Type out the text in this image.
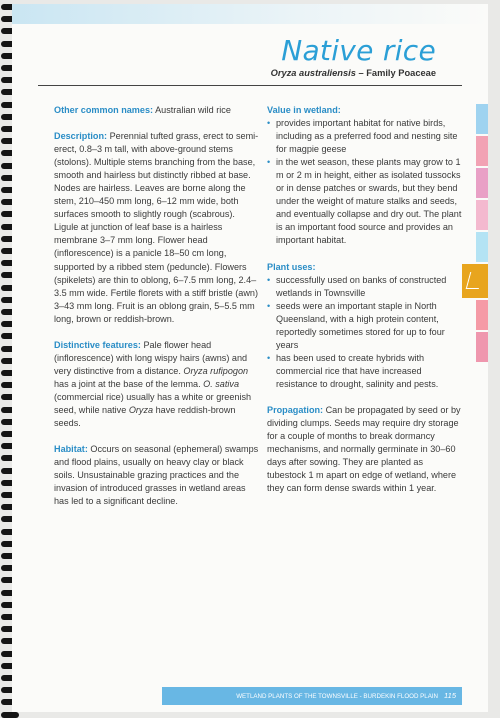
Native rice

Oryza australiensis – Family Poaceae

Other common names: Australian wild rice

Description: Perennial tufted grass, erect to semi-erect, 0.8–3 m tall, with above-ground stems (stolons). Multiple stems branching from the base, smooth and hairless but distinctly ribbed at base. Nodes are hairless. Leaves are borne along the stem, 210–450 mm long, 6–12 mm wide, both surfaces smooth to slightly rough (scabrous). Ligule at junction of leaf base is a hairless membrane 3–7 mm long. Flower head (inflorescence) is a panicle 18–50 cm long, supported by a ribbed stem (peduncle). Flowers (spikelets) are thin to oblong, 6–7.5 mm long, 2.4–3.5 mm wide. Fertile florets with a stiff bristle (awn) 3–43 mm long. Fruit is an oblong grain, 5–5.5 mm long, brown or reddish-brown.

Distinctive features: Pale flower head (inflorescence) with long wispy hairs (awns) and very distinctive from a distance. Oryza rufipogon has a joint at the base of the lemma. O. sativa (commercial rice) usually has a white or greenish seed, while native Oryza have reddish-brown seeds.

Habitat: Occurs on seasonal (ephemeral) swamps and flood plains, usually on heavy clay or black soils. Unsustainable grazing practices and the invasion of introduced grasses in wetland areas has led to a significant decline.

Value in wetland:

• provides important habitat for native birds, including as a preferred food and nesting site for magpie geese
• in the wet season, these plants may grow to 1 m or 2 m in height, either as isolated tussocks or in dense patches or swards, but they bend under the weight of mature stalks and seeds, and eventually collapse and dry out. The plant is an important food source and provides an important habitat.

Plant uses:

• successfully used on banks of constructed wetlands in Townsville
• seeds were an important staple in North Queensland, with a high protein content, reportedly sometimes stored for up to four years
• has been used to create hybrids with commercial rice that have increased resistance to drought, salinity and pests.

Propagation: Can be propagated by seed or by dividing clumps. Seeds may require dry storage for a couple of months to break dormancy mechanisms, and normally germinate in 30–60 days after sowing. They are planted as tubestock 1 m apart on edge of wetland, where they can form dense swards within 1 year.

WETLAND PLANTS OF THE TOWNSVILLE - BURDEKIN FLOOD PLAIN 115
